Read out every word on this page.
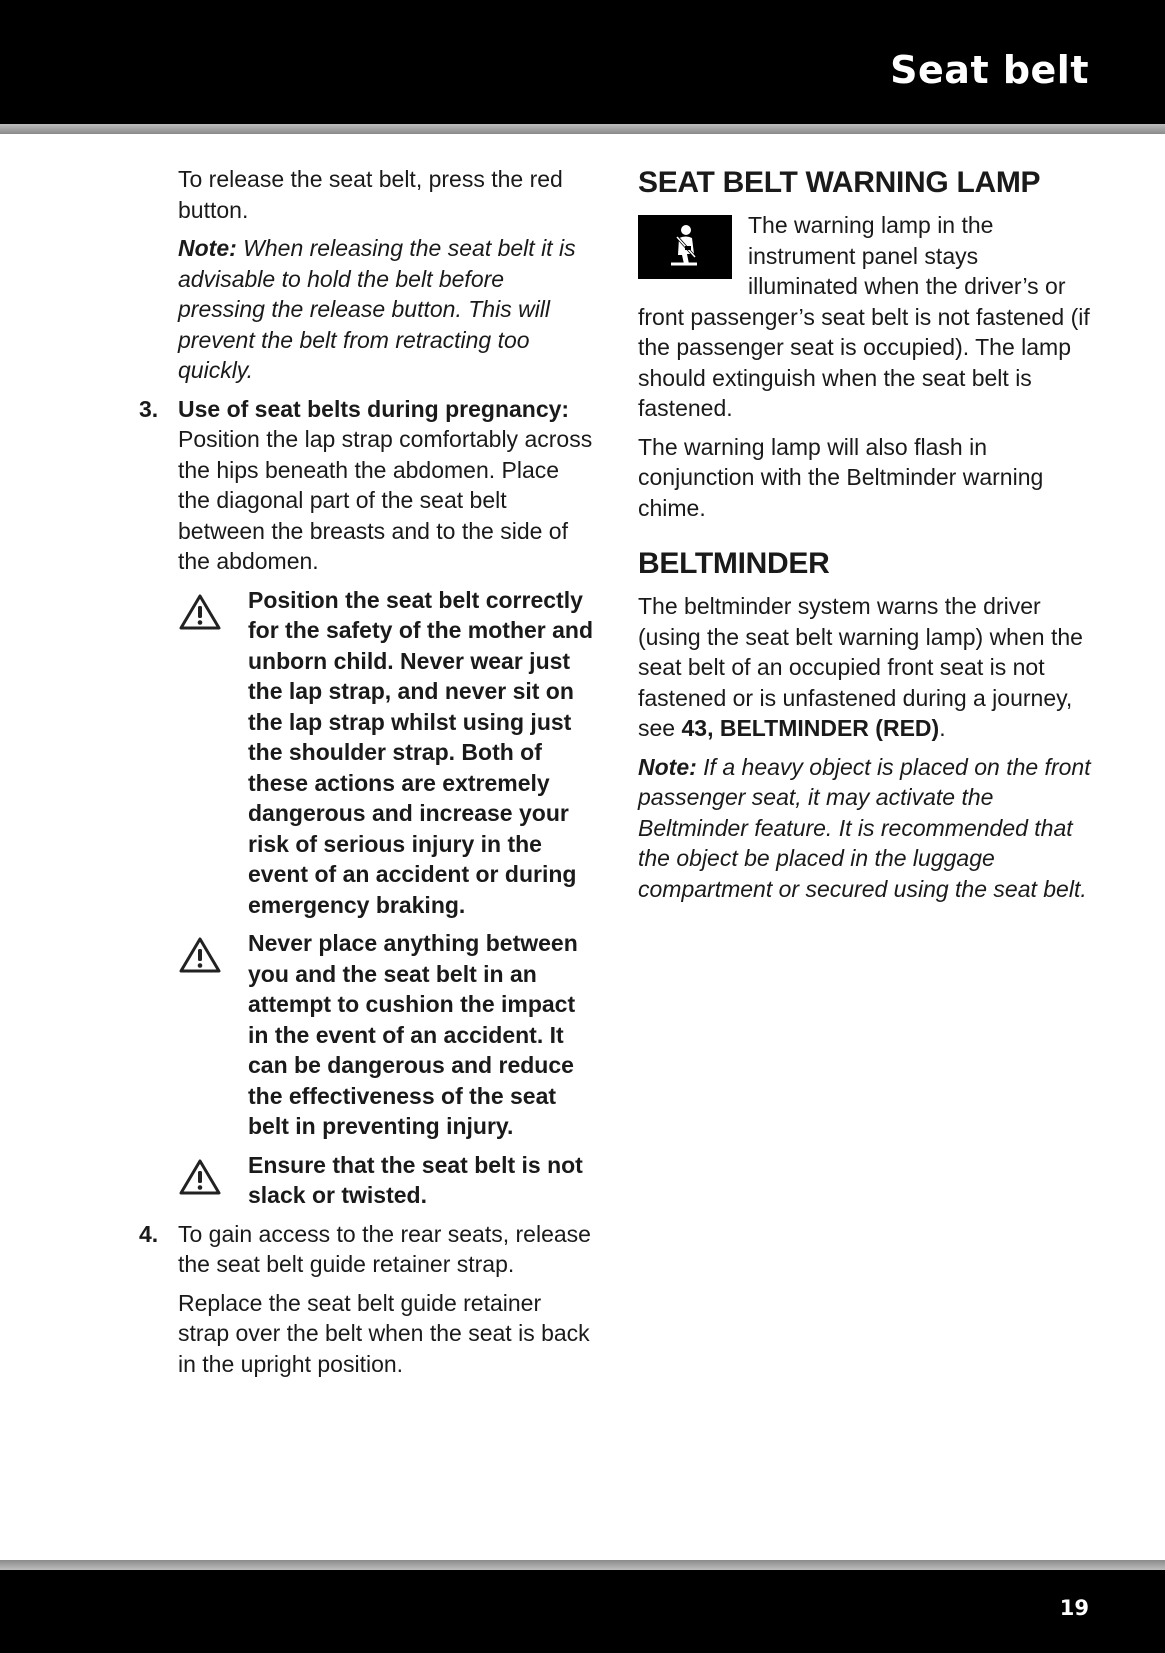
Seat belt

To release the seat belt, press the red button.

Note: When releasing the seat belt it is advisable to hold the belt before pressing the release button. This will prevent the belt from retracting too quickly.

3. Use of seat belts during pregnancy: Position the lap strap comfortably across the hips beneath the abdomen. Place the diagonal part of the seat belt between the breasts and to the side of the abdomen.

Position the seat belt correctly for the safety of the mother and unborn child. Never wear just the lap strap, and never sit on the lap strap whilst using just the shoulder strap. Both of these actions are extremely dangerous and increase your risk of serious injury in the event of an accident or during emergency braking.
Never place anything between you and the seat belt in an attempt to cushion the impact in the event of an accident. It can be dangerous and reduce the effectiveness of the seat belt in preventing injury.
Ensure that the seat belt is not slack or twisted.
4. To gain access to the rear seats, release the seat belt guide retainer strap.

Replace the seat belt guide retainer strap over the belt when the seat is back in the upright position.

SEAT BELT WARNING LAMP

The warning lamp in the instrument panel stays illuminated when the driver’s or front passenger’s seat belt is not fastened (if the passenger seat is occupied). The lamp should extinguish when the seat belt is fastened.

The warning lamp will also flash in conjunction with the Beltminder warning chime.

BELTMINDER

The beltminder system warns the driver (using the seat belt warning lamp) when the seat belt of an occupied front seat is not fastened or is unfastened during a journey, see 43, BELTMINDER (RED).

Note: If a heavy object is placed on the front passenger seat, it may activate the Beltminder feature. It is recommended that the object be placed in the luggage compartment or secured using the seat belt.

19
